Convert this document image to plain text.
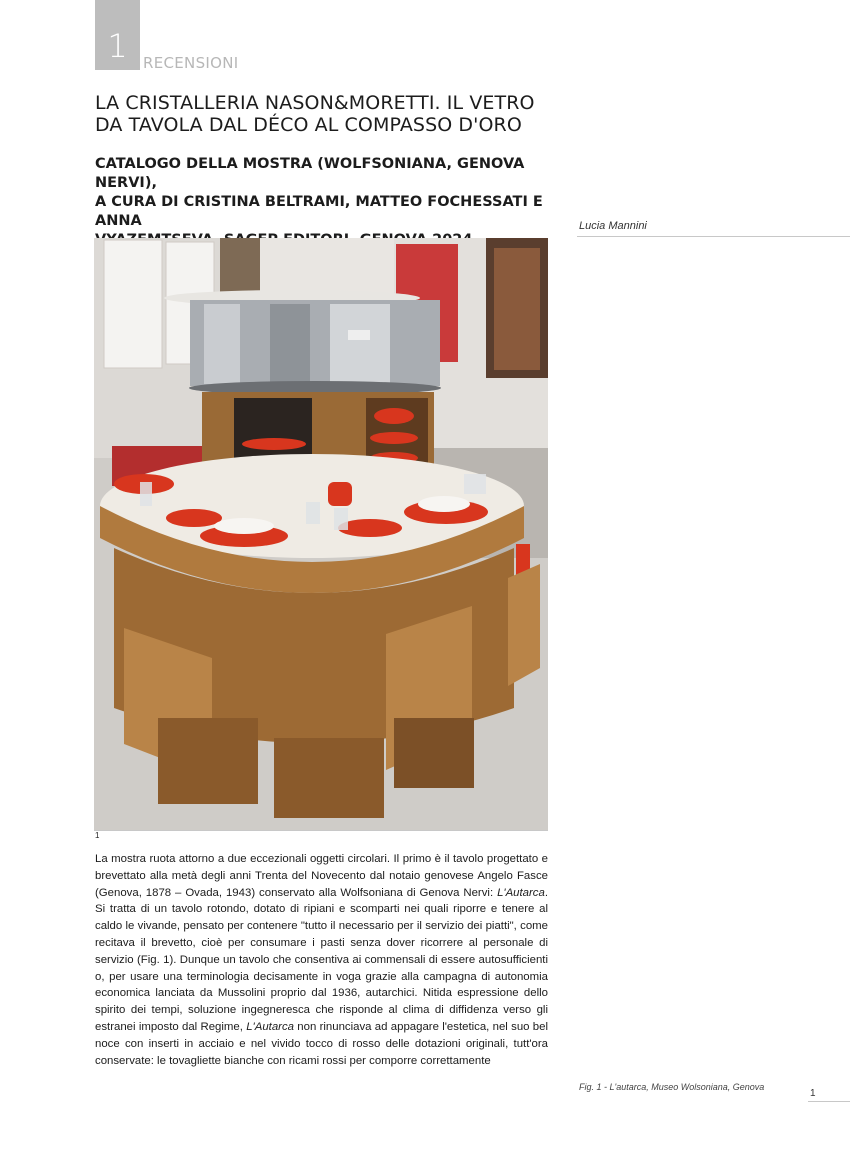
1	RECENSIONI
LA CRISTALLERIA NASON&MORETTI. IL VETRO
DA TAVOLA DAL DÉCO AL COMPASSO D'ORO
CATALOGO DELLA MOSTRA (WOLFSONIANA, GENOVA NERVI),
A CURA DI CRISTINA BELTRAMI, MATTEO FOCHESSATI E ANNA	Lucia Mannini
1

La mostra ruota attorno a due eccezionali oggetti circolari. Il primo è il tavolo progettato e brevettato alla metà degli anni Trenta del Novecento dal notaio genovese Angelo Fasce (Genova, 1878 – Ovada, 1943) conservato alla Wolfsoniana di Genova Nervi: L'Autarca. Si tratta di un tavolo rotondo, dotato di ripiani e scomparti nei quali riporre e tenere al caldo le vivande, pensato per contenere "tutto il necessario per il servizio dei piatti", come recitava il brevetto, cioè per consumare i pasti senza dover ricorrere al personale di servizio (Fig. 1). Dunque un tavolo che consentiva ai commensali di essere autosufficienti o, per usare una terminologia decisamente in voga grazie alla campagna di autonomia economica lanciata da Mussolini proprio dal 1936, autarchici. Nitida espressione dello spirito dei tempi, soluzione ingegneresca che risponde al clima di diffidenza verso gli estranei imposto dal Regime, L'Autarca non rinunciava ad appagare l'estetica, nel suo bel noce con inserti in acciaio e nel vivido tocco di rosso delle dotazioni originali, tutt'ora conservate: le tovagliette bianche con ricami rossi per comporre correttamente

Fig. 1 - L'autarca, Museo Wolsoniana, Genova
1
